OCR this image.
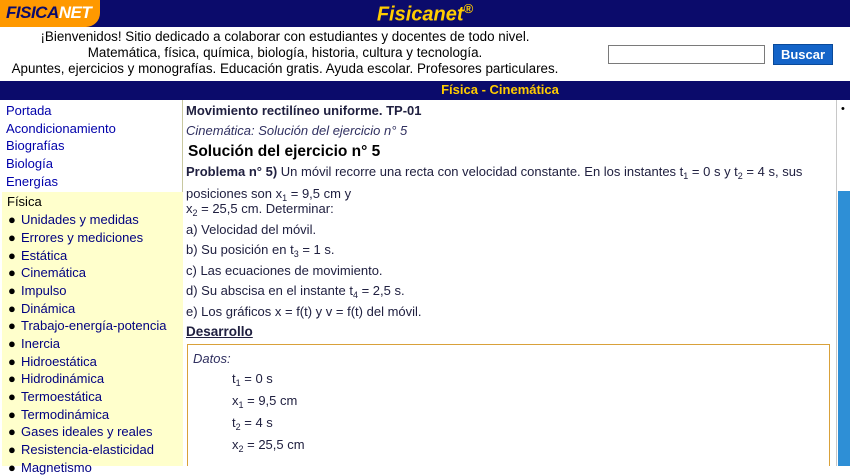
FISICANET	Fisicanet®
¡Bienvenidos! Sitio dedicado a colaborar con estudiantes y docentes de todo nivel.
Matemática, física, química, biología, historia, cultura y tecnología.
Apuntes, ejercicios y monografías. Educación gratis. Ayuda escolar. Profesores particulares.
Buscar
Física - Cinemática
Portada
Acondicionamiento
Biografías
Biología
Energías
Física
● Unidades y medidas
● Errores y mediciones
● Estática
● Cinemática
● Impulso
● Dinámica
● Trabajo-energía-potencia
● Inercia
● Hidroestática
● Hidrodinámica
● Termoestática
● Termodinámica
● Gases ideales y reales
● Resistencia-elasticidad
● Magnetismo
Movimiento rectilíneo uniforme. TP-01
Cinemática: Solución del ejercicio n° 5
Solución del ejercicio n° 5
Problema n° 5) Un móvil recorre una recta con velocidad constante. En los instantes $t_1 = 0$ s y $t_2 = 4$ s, sus
posiciones son $x_1 = 9,5$ cm y
$x_2 = 25,5$ cm. Determinar:
a) Velocidad del móvil.
b) Su posición en $t_3 = 1$ s.
c) Las ecuaciones de movimiento.
d) Su abscisa en el instante $t_4 = 2,5$ s.
e) Los gráficos x = f(t) y v = f(t) del móvil.
Desarrollo
Datos:
$t_1 = 0$ s
$x_1 = 9,5$ cm
$t_2 = 4$ s
$x_2 = 25,5$ cm
•
